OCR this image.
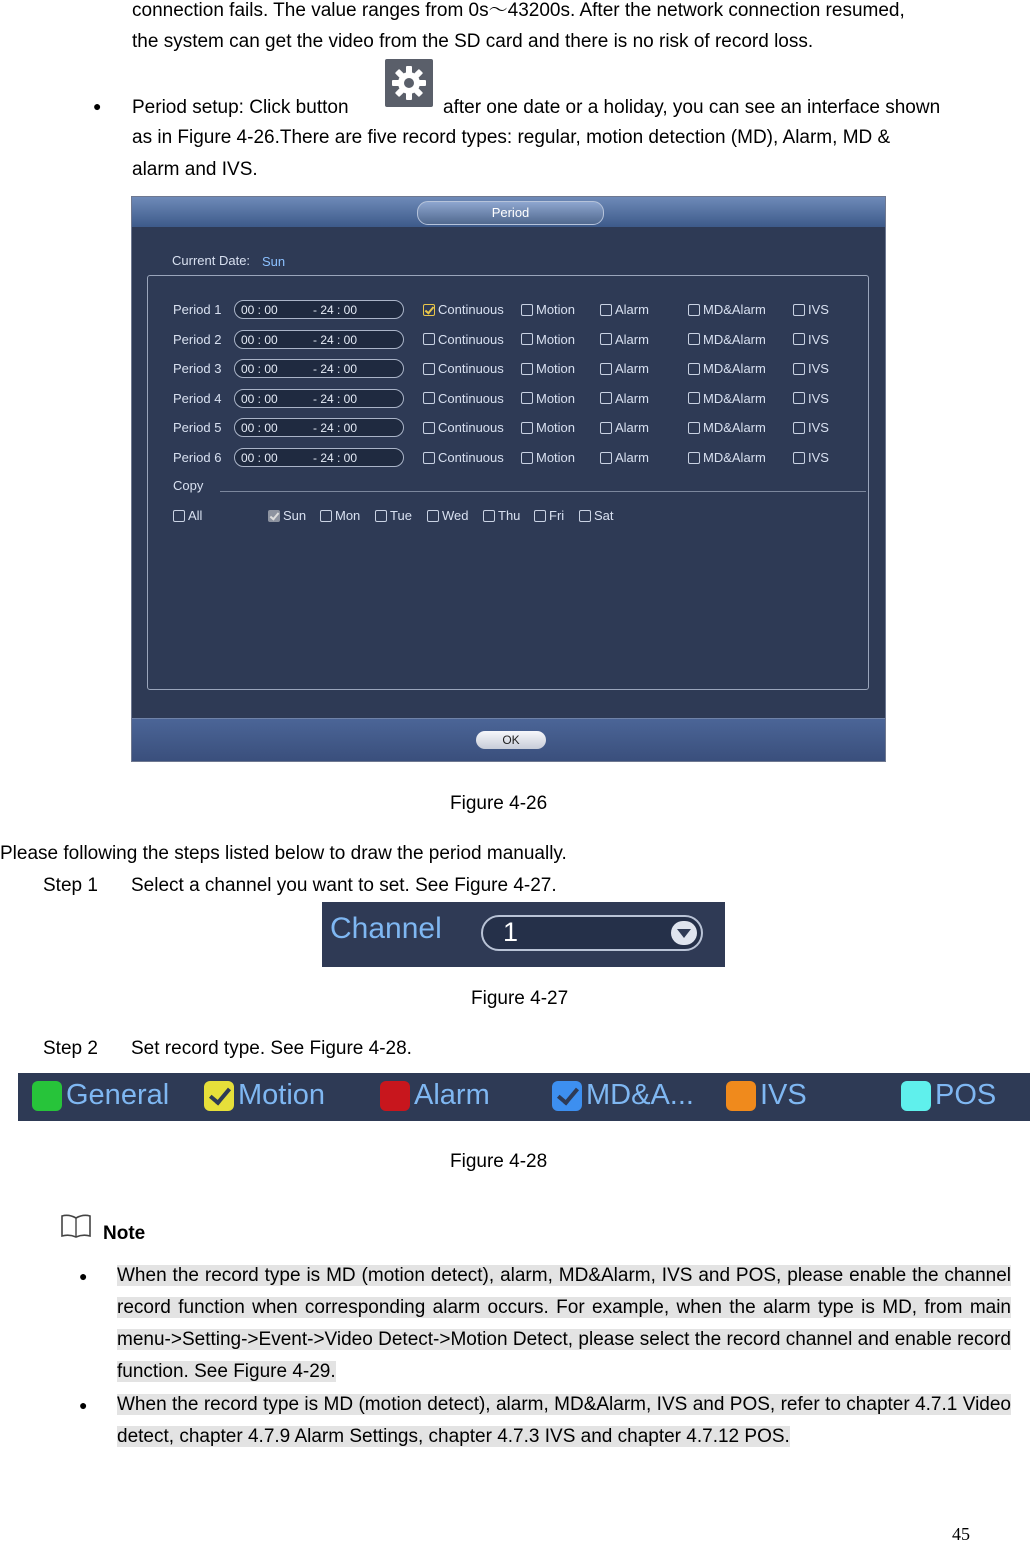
connection fails. The value ranges from 0s～43200s. After the network connection resumed,
the system can get the video from the SD card and there is no risk of record loss.
● Period setup: Click button	after one date or a holiday, you can see an interface shown
as in Figure 4-26.There are five record types: regular, motion detection (MD), Alarm, MD &
alarm and IVS.
Period
Current Date: Sun
Period 1	00 : 00	- 24 : 00	Continuous Motion	Alarm	MD&Alarm	IVS
Period 2	00 : 00	- 24 : 00	Continuous Motion	Alarm	MD&Alarm	IVS
Period 3	00 : 00	- 24 : 00	Continuous Motion	Alarm	MD&Alarm	IVS
Period 4	00 : 00	- 24 : 00	Continuous Motion	Alarm	MD&Alarm	IVS
Period 5	00 : 00	- 24 : 00	Continuous Motion	Alarm	MD&Alarm	IVS
Period 6	00 : 00	- 24 : 00	Continuous Motion	Alarm	MD&Alarm	IVS
Copy
All	Sun Mon Tue Wed Thu Fri Sat
OK
Figure 4-26
Please following the steps listed below to draw the period manually.
Step 1 Select a channel you want to set. See Figure 4-27.
Channel 1
Figure 4-27
Step 2 Set record type. See Figure 4-28.
General Motion	Alarm	MD&A... IVS	POS
Figure 4-28
Note
● When the record type is MD (motion detect), alarm, MD&Alarm, IVS and POS, please enable the channel record function when corresponding alarm occurs. For example, when the alarm type is MD, from main menu->Setting->Event->Video Detect->Motion Detect, please select the record channel and enable record function. See Figure 4-29.
● When the record type is MD (motion detect), alarm, MD&Alarm, IVS and POS, refer to chapter 4.7.1 Video detect, chapter 4.7.9 Alarm Settings, chapter 4.7.3 IVS and chapter 4.7.12 POS.
45
